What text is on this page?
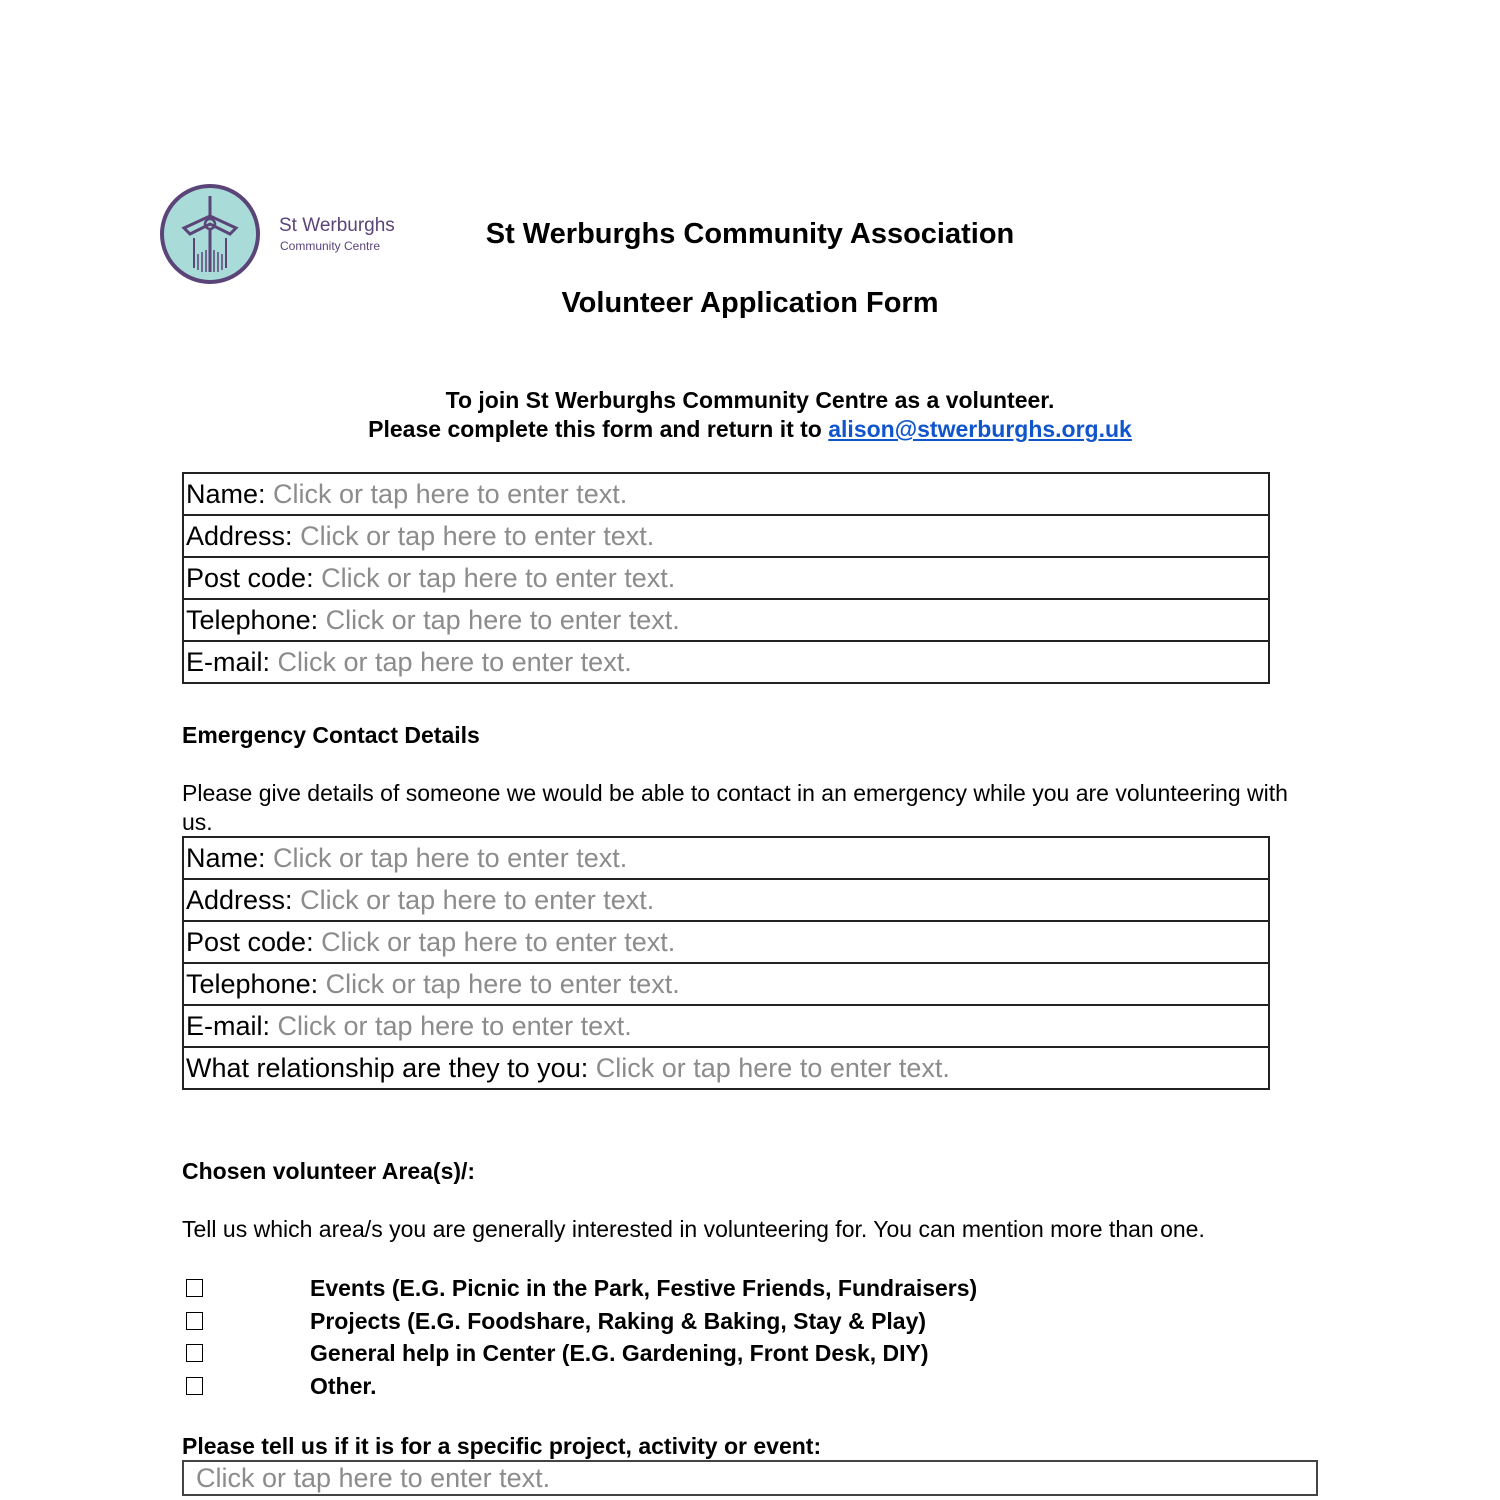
St Werburghs
Community Centre	St Werburghs Community Association
Volunteer Application Form
To join St Werburghs Community Centre as a volunteer.
Please complete this form and return it to alison@stwerburghs.org.uk
Name: Click or tap here to enter text.
Address: Click or tap here to enter text.
Post code: Click or tap here to enter text.
Telephone: Click or tap here to enter text.
E-mail: Click or tap here to enter text.
Emergency Contact Details
Please give details of someone we would be able to contact in an emergency while you are volunteering with us.
Name: Click or tap here to enter text.
Address: Click or tap here to enter text.
Post code: Click or tap here to enter text.
Telephone: Click or tap here to enter text.
E-mail: Click or tap here to enter text.
What relationship are they to you: Click or tap here to enter text.
Chosen volunteer Area(s)/:
Tell us which area/s you are generally interested in volunteering for. You can mention more than one.
Events (E.G. Picnic in the Park, Festive Friends, Fundraisers)
Projects (E.G. Foodshare, Raking & Baking, Stay & Play)
General help in Center (E.G. Gardening, Front Desk, DIY)
Other.
Please tell us if it is for a specific project, activity or event:
Click or tap here to enter text.
